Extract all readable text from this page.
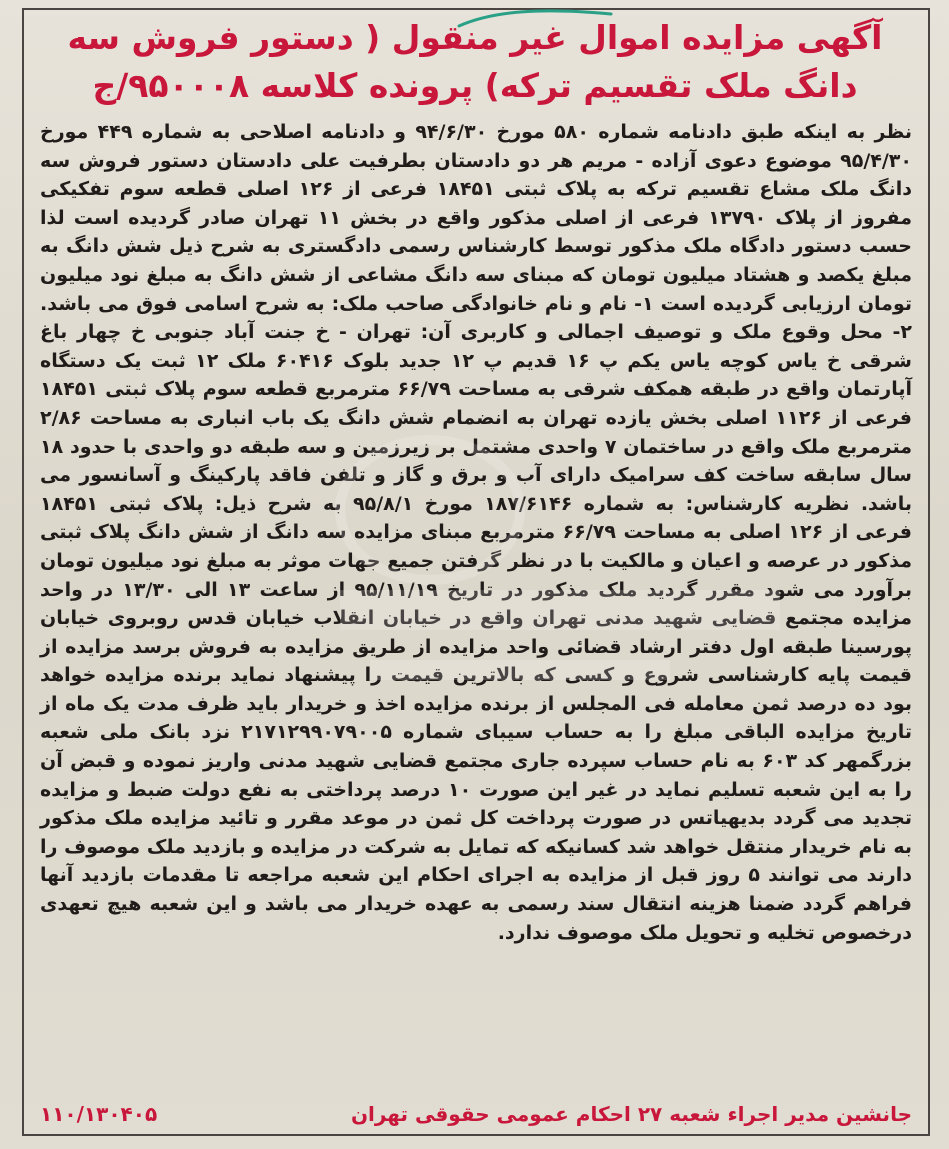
آگهی مزایده اموال غیر منقول ( دستور فروش سه دانگ ملک تقسیم ترکه) پرونده کلاسه ۹۵۰۰۰۸/ج

نظر به اینکه طبق دادنامه شماره ۵۸۰ مورخ ۹۴/۶/۳۰ و دادنامه اصلاحی به شماره ۴۴۹ مورخ ۹۵/۴/۳۰ موضوع دعوی آزاده - مریم هر دو دادستان بطرفیت علی دادستان دستور فروش سه دانگ ملک مشاع تقسیم ترکه به پلاک ثبتی ۱۸۴۵۱ فرعی از ۱۲۶ اصلی قطعه سوم تفکیکی مفروز از پلاک ۱۳۷۹۰ فرعی از اصلی مذکور واقع در بخش ۱۱ تهران صادر گردیده است لذا حسب دستور دادگاه ملک مذکور توسط کارشناس رسمی دادگستری به شرح ذیل شش دانگ به مبلغ یکصد و هشتاد میلیون تومان که مبنای سه دانگ مشاعی از شش دانگ به مبلغ نود میلیون تومان ارزیابی گردیده است ۱- نام و نام خانوادگی صاحب ملک: به شرح اسامی فوق می باشد. ۲- محل وقوع ملک و توصیف اجمالی و کاربری آن: تهران - خ جنت آباد جنوبی خ چهار باغ شرقی خ یاس کوچه یاس یکم پ ۱۶ قدیم پ ۱۲ جدید بلوک ۶۰۴۱۶ ملک ۱۲ ثبت یک دستگاه آپارتمان واقع در طبقه همکف شرقی به مساحت ۶۶/۷۹ مترمربع قطعه سوم پلاک ثبتی ۱۸۴۵۱ فرعی از ۱۱۲۶ اصلی بخش یازده تهران به انضمام شش دانگ یک باب انباری به مساحت ۲/۸۶ مترمربع ملک واقع در ساختمان ۷ واحدی مشتمل بر زیرزمین و سه طبقه دو واحدی با حدود ۱۸ سال سابقه ساخت کف سرامیک دارای آب و برق و گاز و تلفن فاقد پارکینگ و آسانسور می باشد. نظریه کارشناس: به شماره ۱۸۷/۶۱۴۶ مورخ ۹۵/۸/۱ به شرح ذیل: پلاک ثبتی ۱۸۴۵۱ فرعی از ۱۲۶ اصلی به مساحت ۶۶/۷۹ مترمربع مبنای مزایده سه دانگ از شش دانگ پلاک ثبتی مذکور در عرصه و اعیان و مالکیت با در نظر گرفتن جمیع جهات موثر به مبلغ نود میلیون تومان برآورد می شود مقرر گردید ملک مذکور در تاریخ ۹۵/۱۱/۱۹ از ساعت ۱۳ الی ۱۳/۳۰ در واحد مزایده مجتمع قضایی شهید مدنی تهران واقع در خیابان انقلاب خیابان قدس روبروی خیابان پورسینا طبقه اول دفتر ارشاد قضائی واحد مزایده از طریق مزایده به فروش برسد مزایده از قیمت پایه کارشناسی شروع و کسی که بالاترین قیمت را پیشنهاد نماید برنده مزایده خواهد بود ده درصد ثمن معامله فی المجلس از برنده مزایده اخذ و خریدار باید ظرف مدت یک ماه از تاریخ مزایده الباقی مبلغ را به حساب سیبای شماره ۲۱۷۱۲۹۹۰۷۹۰۰۵ نزد بانک ملی شعبه بزرگمهر کد ۶۰۳ به نام حساب سپرده جاری مجتمع قضایی شهید مدنی واریز نموده و قبض آن را به این شعبه تسلیم نماید در غیر این صورت ۱۰ درصد پرداختی به نفع دولت ضبط و مزایده تجدید می گردد بدیهیاتس در صورت پرداخت کل ثمن در موعد مقرر و تائید مزایده ملک مذکور به نام خریدار منتقل خواهد شد کسانیکه که تمایل به شرکت در مزایده و بازدید ملک موصوف را دارند می توانند ۵ روز قبل از مزایده به اجرای احکام این شعبه مراجعه تا مقدمات بازدید آنها فراهم گردد ضمنا هزینه انتقال سند رسمی به عهده خریدار می باشد و این شعبه هیچ تعهدی درخصوص تخلیه و تحویل ملک موصوف ندارد.

جانشین مدیر اجراء شعبه ۲۷ احکام عمومی حقوقی تهران
۱۱۰/۱۳۰۴۰۵
